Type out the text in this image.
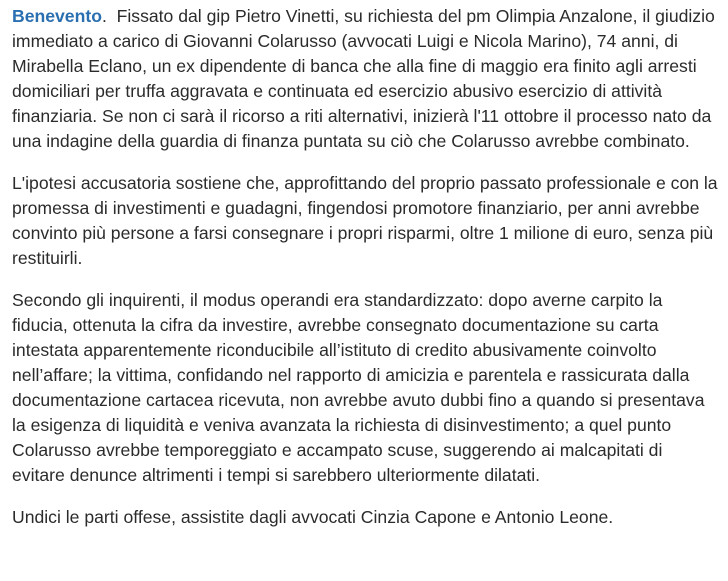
Benevento.  Fissato dal gip Pietro Vinetti, su richiesta del pm Olimpia Anzalone, il giudizio immediato a carico di Giovanni Colarusso (avvocati Luigi e Nicola Marino), 74 anni, di Mirabella Eclano, un ex dipendente di banca che alla fine di maggio era finito agli arresti domiciliari per truffa aggravata e continuata ed esercizio abusivo esercizio di attività finanziaria. Se non ci sarà il ricorso a riti alternativi, inizierà l'11 ottobre il processo nato da una indagine della guardia di finanza puntata su ciò che Colarusso avrebbe combinato.

L'ipotesi accusatoria sostiene che, approfittando del proprio passato professionale e con la promessa di investimenti e guadagni, fingendosi promotore finanziario, per anni avrebbe convinto più persone a farsi consegnare i propri risparmi, oltre 1 milione di euro, senza più restituirli.

Secondo gli inquirenti, il modus operandi era standardizzato: dopo averne carpito la fiducia, ottenuta la cifra da investire, avrebbe consegnato documentazione su carta intestata apparentemente riconducibile all’istituto di credito abusivamente coinvolto nell’affare; la vittima, confidando nel rapporto di amicizia e parentela e rassicurata dalla documentazione cartacea ricevuta, non avrebbe avuto dubbi fino a quando si presentava la esigenza di liquidità e veniva avanzata la richiesta di disinvestimento; a quel punto Colarusso avrebbe temporeggiato e accampato scuse, suggerendo ai malcapitati di evitare denunce altrimenti i tempi si sarebbero ulteriormente dilatati.

Undici le parti offese, assistite dagli avvocati Cinzia Capone e Antonio Leone.
